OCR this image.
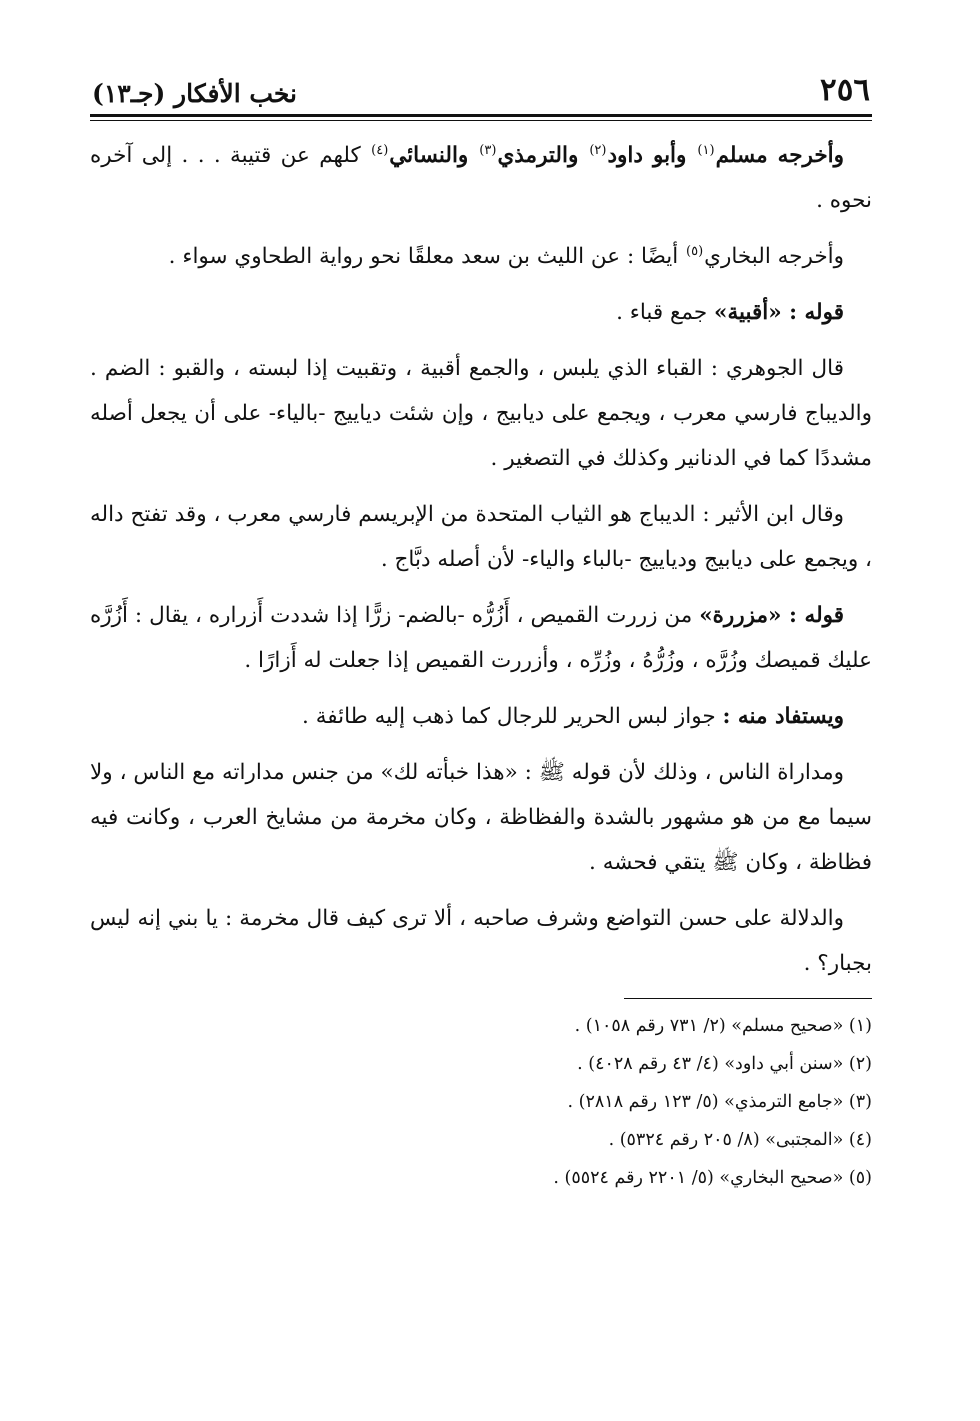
٢٥٦
نخب الأفكار (جـ١٣)

وأخرجه مسلم$^{(١)}$ وأبو داود$^{(٢)}$ والترمذي$^{(٣)}$ والنسائي$^{(٤)}$ كلهم عن قتيبة . . . إلى آخره نحوه .

وأخرجه البخاري$^{(٥)}$ أيضًا : عن الليث بن سعد معلقًا نحو رواية الطحاوي سواء .

قوله : «أقبية» جمع قباء .

قال الجوهري : القباء الذي يلبس ، والجمع أقبية ، وتقبيت إذا لبسته ، والقبو : الضم . والديباج فارسي معرب ، ويجمع على ديابيج ، وإن شئت دياييج -بالياء- على أن يجعل أصله مشددًا كما في الدنانير وكذلك في التصغير .

وقال ابن الأثير : الديباج هو الثياب المتحدة من الإبريسم فارسي معرب ، وقد تفتح داله ، ويجمع على ديابيج ودياييج -بالباء والياء- لأن أصله دبَّاج .

قوله : «مزررة» من زررت القميص ، أَزُرُّه -بالضم- زرًّا إذا شددت أَزراره ، يقال : أَزُرَّه عليك قميصك وزُرَّه ، وزُرُّهُ ، وزُرِّه ، وأزررت القميص إذا جعلت له أَزارًا .

ويستفاد منه : جواز لبس الحرير للرجال كما ذهب إليه طائفة .

ومداراة الناس ، وذلك لأن قوله ﷺ : «هذا خبأته لك» من جنس مداراته مع الناس ، ولا سيما مع من هو مشهور بالشدة والفظاظة ، وكان مخرمة من مشايخ العرب ، وكانت فيه فظاظة ، وكان ﷺ يتقي فحشه .

والدلالة على حسن التواضع وشرف صاحبه ، ألا ترى كيف قال مخرمة : يا بني إنه ليس بجبار؟ .

(١) «صحيح مسلم» (٢/ ٧٣١ رقم ١٠٥٨) .

(٢) «سنن أبي داود» (٤/ ٤٣ رقم ٤٠٢٨) .

(٣) «جامع الترمذي» (٥/ ١٢٣ رقم ٢٨١٨) .

(٤) «المجتبى» (٨/ ٢٠٥ رقم ٥٣٢٤) .

(٥) «صحيح البخاري» (٥/ ٢٢٠١ رقم ٥٥٢٤) .
